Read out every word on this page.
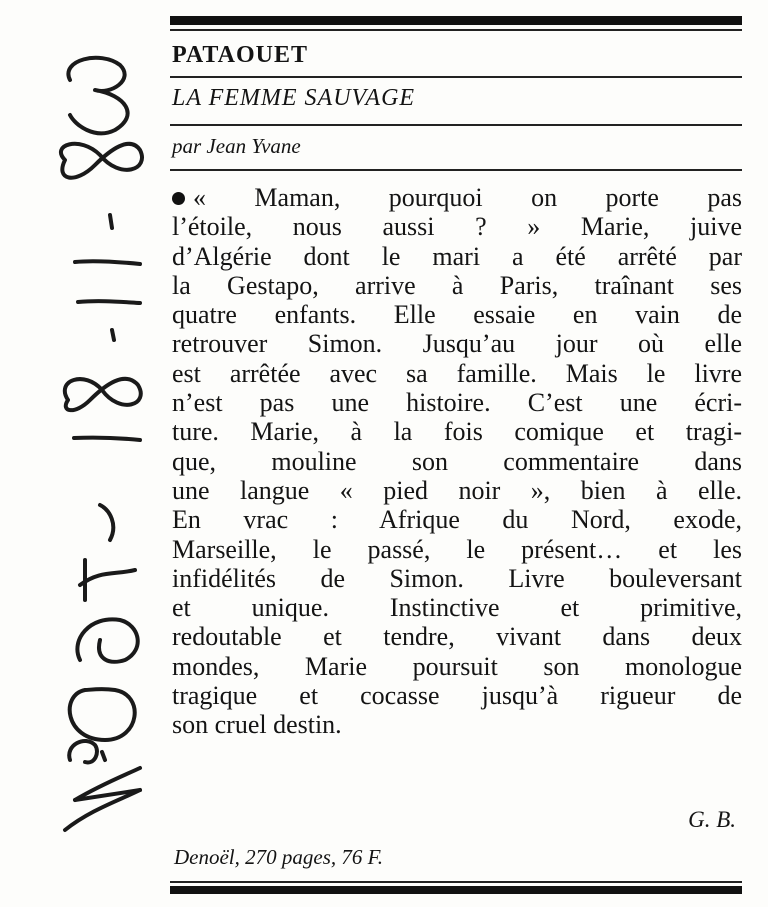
PATAOUET
LA FEMME SAUVAGE
par Jean Yvane
« Maman, pourquoi on porte pas
l’étoile, nous aussi ? » Marie, juive
d’Algérie dont le mari a été arrêté par
la Gestapo, arrive à Paris, traînant ses
quatre enfants. Elle essaie en vain de
retrouver Simon. Jusqu’au jour où elle
est arrêtée avec sa famille. Mais le livre
n’est pas une histoire. C’est une écri-
ture. Marie, à la fois comique et tragi-
que, mouline son commentaire dans
une langue « pied noir », bien à elle.
En vrac : Afrique du Nord, exode,
Marseille, le passé, le présent… et les
infidélités de Simon. Livre bouleversant
et unique. Instinctive et primitive,
redoutable et tendre, vivant dans deux
mondes, Marie poursuit son monologue
tragique et cocasse jusqu’à rigueur de
son cruel destin.
G. B.
Denoël, 270 pages, 76 F.
